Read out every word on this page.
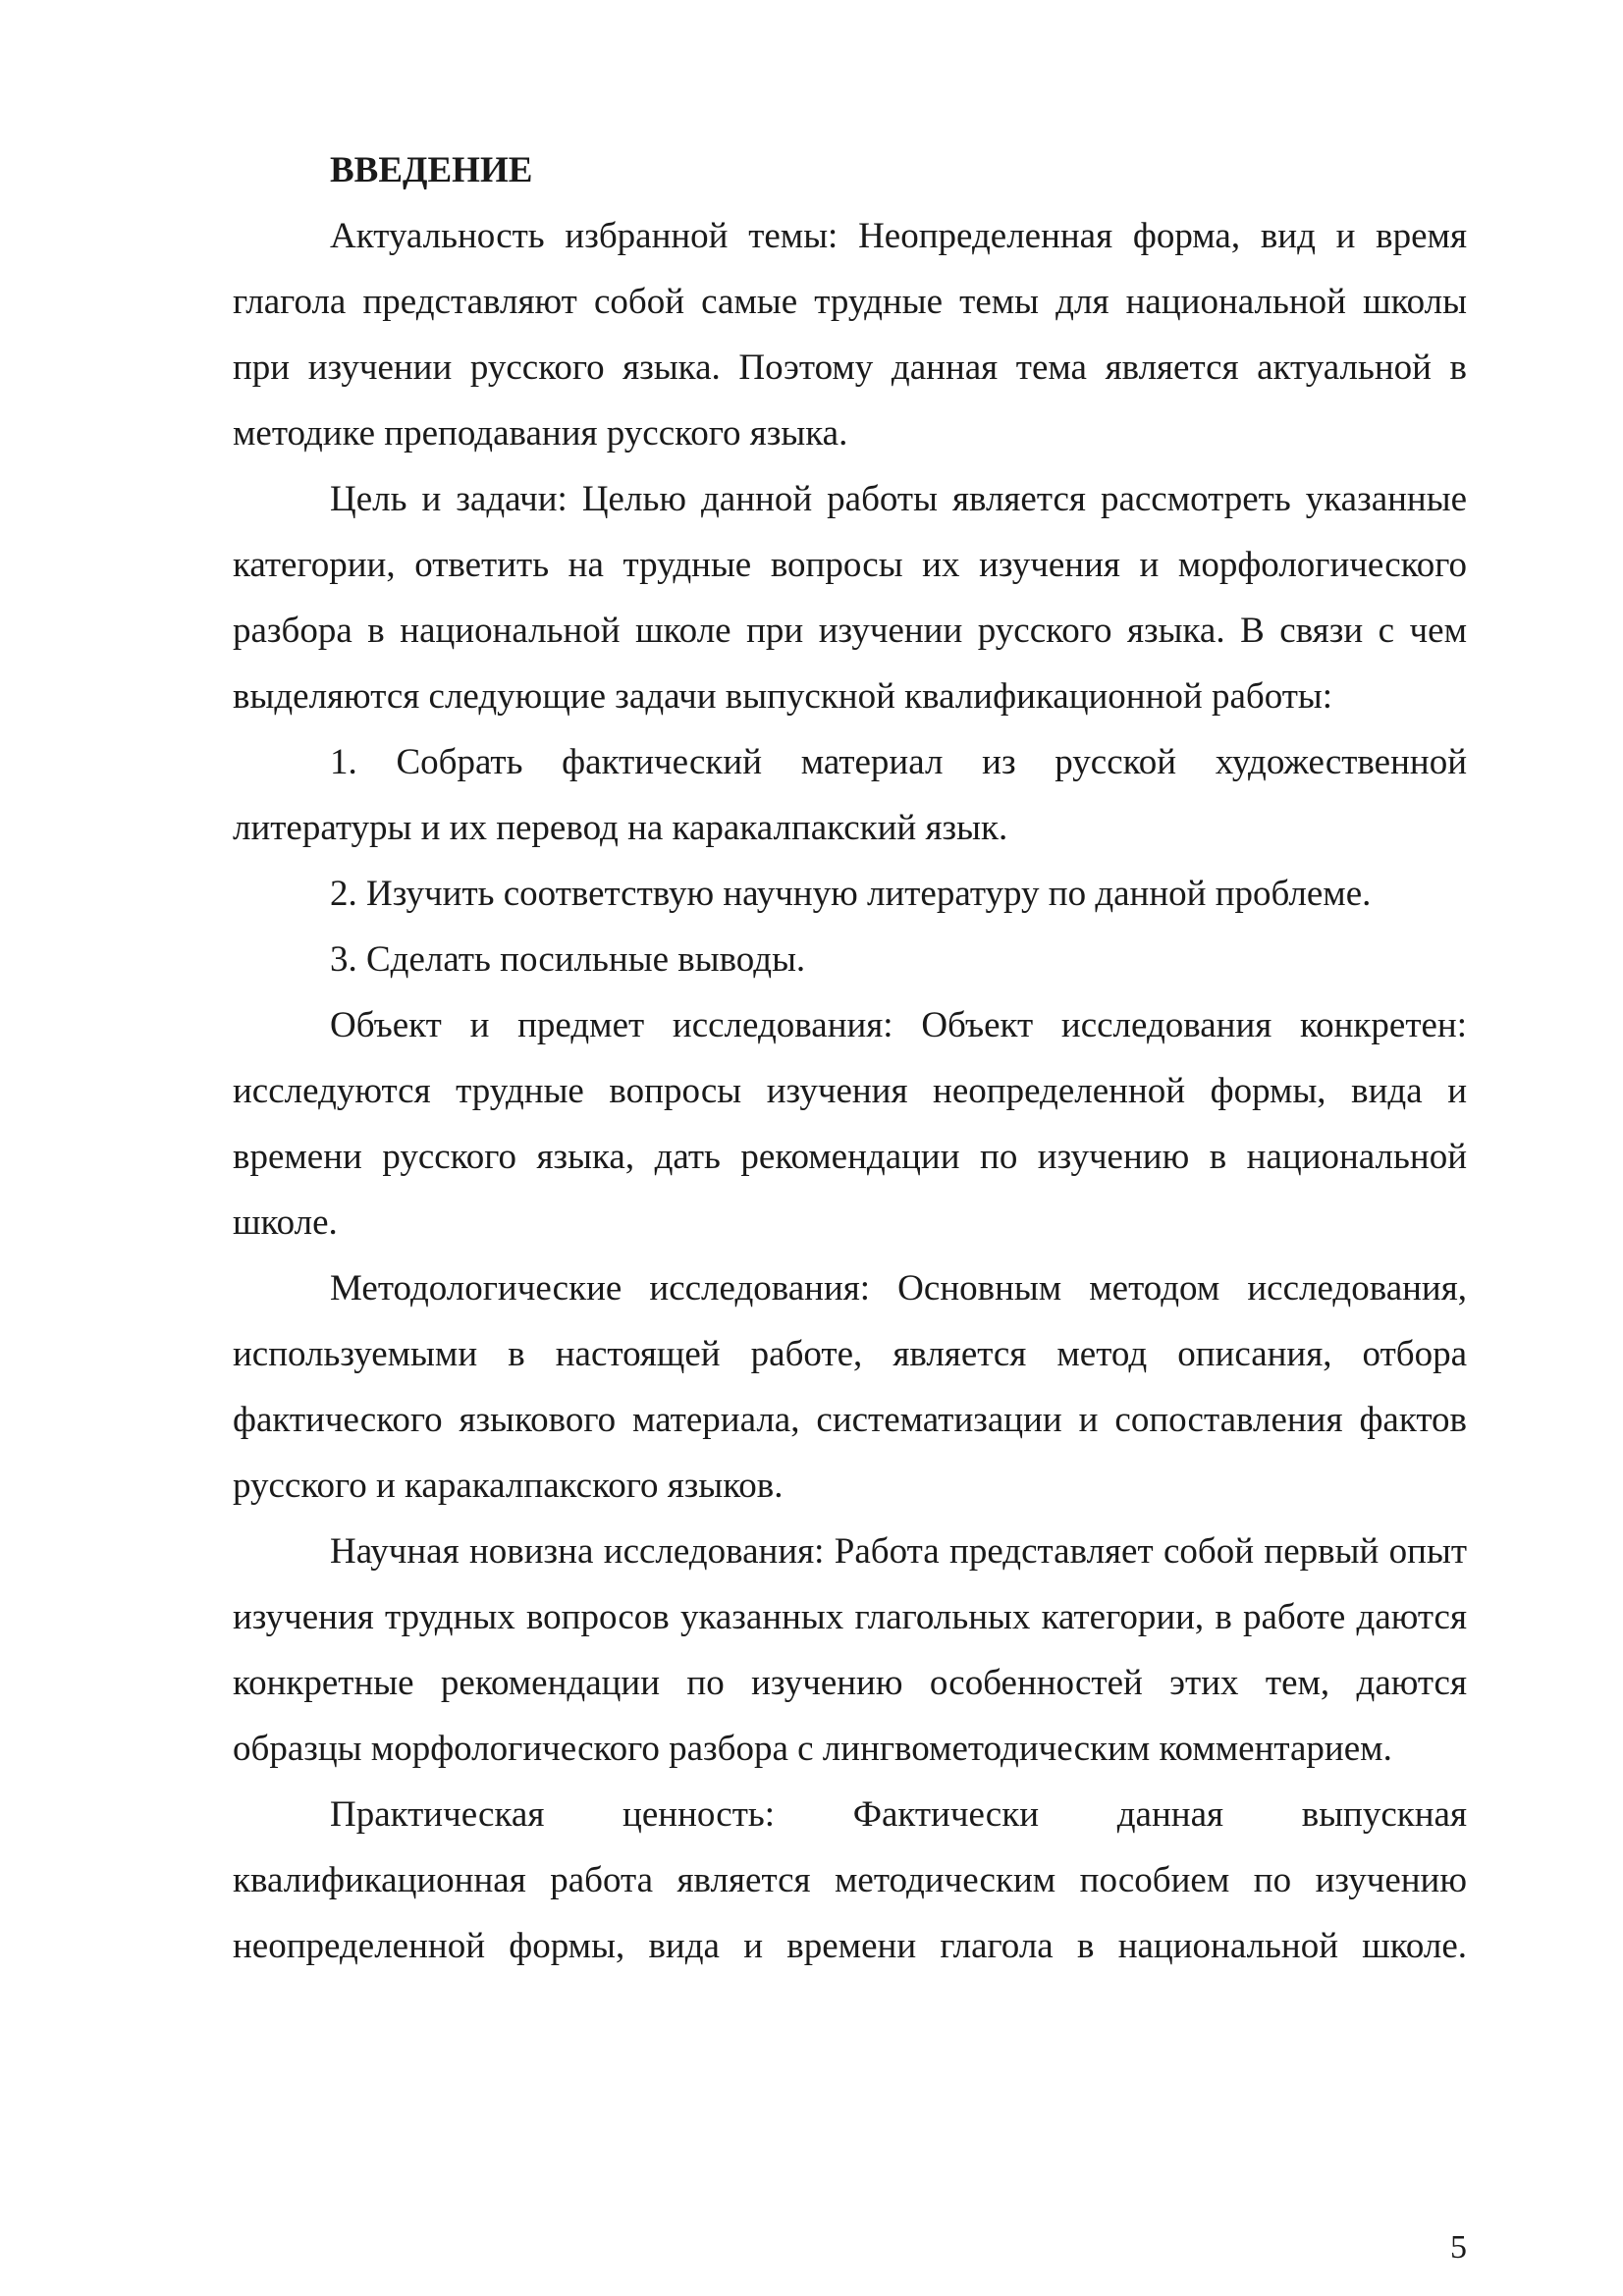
ВВЕДЕНИЕ

Актуальность избранной темы: Неопределенная форма, вид и время глагола представляют собой самые трудные темы для национальной школы при изучении русского языка. Поэтому данная тема является актуальной в методике преподавания русского языка.

Цель и задачи: Целью данной работы является рассмотреть указанные категории, ответить на трудные вопросы их изучения и морфологического разбора в национальной школе при изучении русского языка. В связи с чем выделяются следующие задачи выпускной квалификационной работы:

1. Собрать фактический материал из русской художественной литературы и их перевод на каракалпакский язык.

2. Изучить соответствую научную литературу по данной проблеме.

3. Сделать посильные выводы.

Объект и предмет исследования: Объект исследования конкретен: исследуются трудные вопросы изучения неопределенной формы, вида и времени русского языка, дать рекомендации по изучению в национальной школе.

Методологические исследования: Основным методом исследования, используемыми в настоящей работе, является метод описания, отбора фактического языкового материала, систематизации и сопоставления фактов русского и каракалпакского языков.

Научная новизна исследования: Работа представляет собой первый опыт изучения трудных вопросов указанных глагольных категории, в работе даются конкретные рекомендации по изучению особенностей этих тем, даются образцы морфологического разбора с лингвометодическим комментарием.

Практическая ценность: Фактически данная выпускная квалификационная работа является методическим пособием по изучению неопределенной формы, вида и времени глагола в национальной школе.

5
